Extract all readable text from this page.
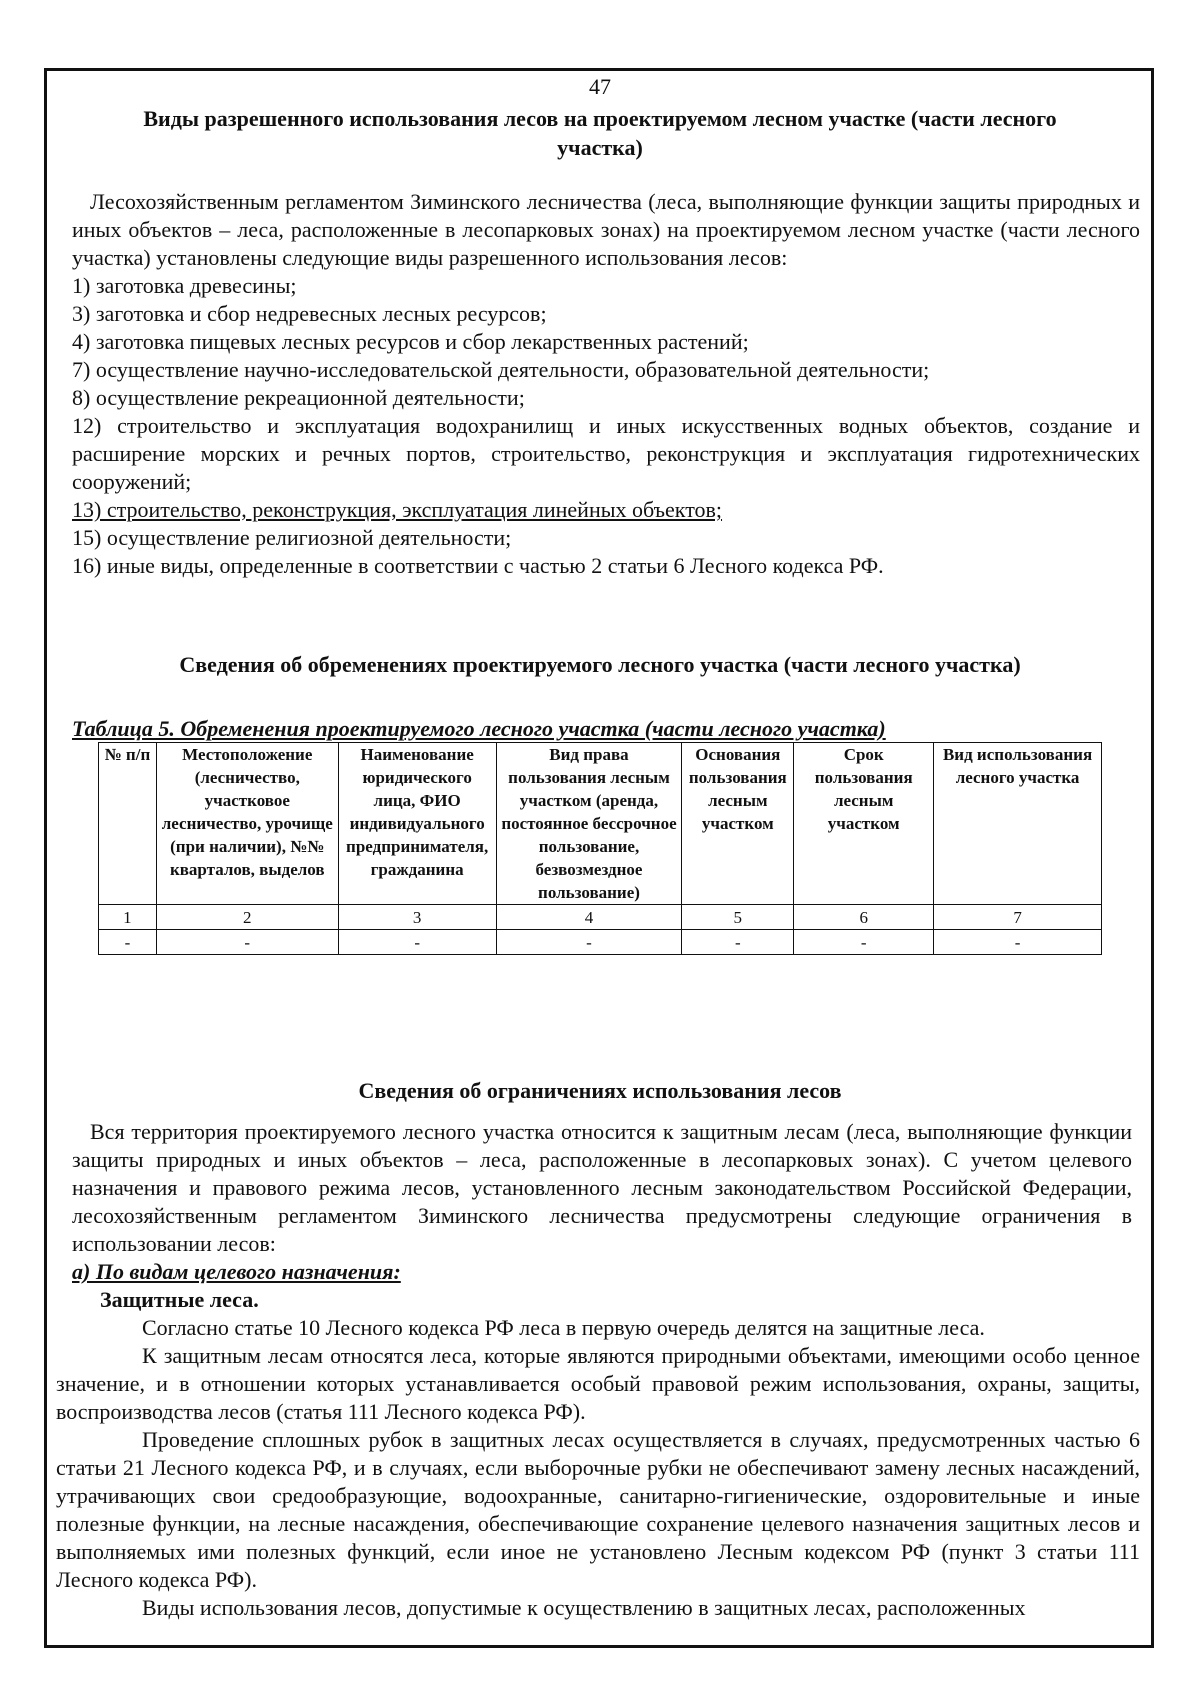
47
Виды разрешенного использования лесов на проектируемом лесном участке (части лесного
участка)

Лесохозяйственным регламентом Зиминского лесничества (леса, выполняющие функции защиты природных и иных объектов – леса, расположенные в лесопарковых зонах) на проектируемом лесном участке (части лесного участка) установлены следующие виды разрешенного использования лесов:

1) заготовка древесины;

3) заготовка и сбор недревесных лесных ресурсов;

4) заготовка пищевых лесных ресурсов и сбор лекарственных растений;

7) осуществление научно-исследовательской деятельности, образовательной деятельности;

8) осуществление рекреационной деятельности;

12) строительство и эксплуатация водохранилищ и иных искусственных водных объектов, создание и расширение морских и речных портов, строительство, реконструкция и эксплуатация гидротехнических сооружений;

13) строительство, реконструкция, эксплуатация линейных объектов;

15) осуществление религиозной деятельности;

16) иные виды, определенные в соответствии с частью 2 статьи 6 Лесного кодекса РФ.

Сведения об обременениях проектируемого лесного участка (части лесного участка)
Таблица 5. Обременения проектируемого лесного участка (части лесного участка)
№ п/п	Местоположение (лесничество, участковое лесничество, урочище (при наличии), №№ кварталов, выделов	Наименование юридического лица, ФИО индивидуального предпринимателя, гражданина	Вид права пользования лесным участком (аренда, постоянное бессрочное пользование, безвозмездное пользование)	Основания пользования лесным участком	Срок пользования лесным участком	Вид использования лесного участка
1	2	3	4	5	6	7
-	-	-	-	-	-	-
Сведения об ограничениях использования лесов

Вся территория проектируемого лесного участка относится к защитным лесам (леса, выполняющие функции защиты природных и иных объектов – леса, расположенные в лесопарковых зонах). С учетом целевого назначения и правового режима лесов, установленного лесным законодательством Российской Федерации, лесохозяйственным регламентом Зиминского лесничества предусмотрены следующие ограничения в использовании лесов:

а) По видам целевого назначения:

Защитные леса.

Согласно статье 10 Лесного кодекса РФ леса в первую очередь делятся на защитные леса.

К защитным лесам относятся леса, которые являются природными объектами, имеющими особо ценное значение, и в отношении которых устанавливается особый правовой режим использования, охраны, защиты, воспроизводства лесов (статья 111 Лесного кодекса РФ).

Проведение сплошных рубок в защитных лесах осуществляется в случаях, предусмотренных частью 6 статьи 21 Лесного кодекса РФ, и в случаях, если выборочные рубки не обеспечивают замену лесных насаждений, утрачивающих свои средообразующие, водоохранные, санитарно-гигиенические, оздоровительные и иные полезные функции, на лесные насаждения, обеспечивающие сохранение целевого назначения защитных лесов и выполняемых ими полезных функций, если иное не установлено Лесным кодексом РФ (пункт 3 статьи 111 Лесного кодекса РФ).

Виды использования лесов, допустимые к осуществлению в защитных лесах, расположенных
